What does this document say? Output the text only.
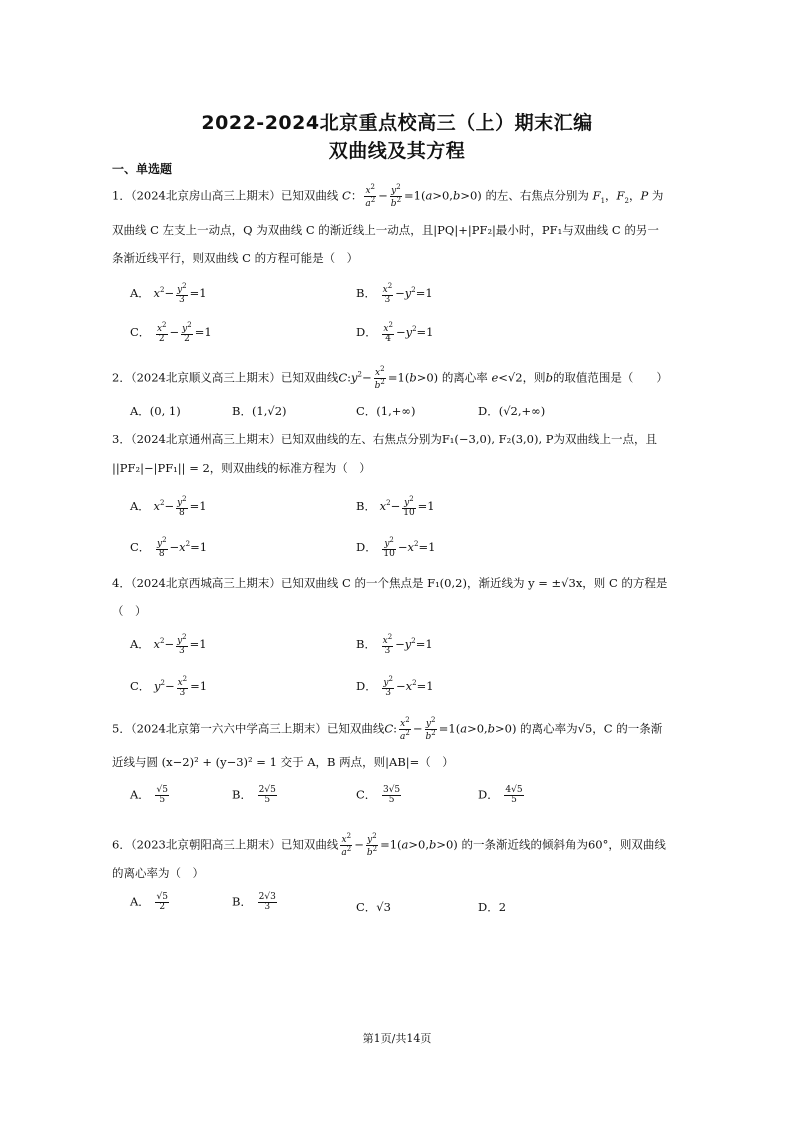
2022-2024北京重点校高三（上）期末汇编
双曲线及其方程
一、单选题
1．（2024北京房山高三上期末）已知双曲线 C： $\frac{x^2}{a^2} - \frac{y^2}{b^2} =1(a>0,b>0)$ 的左、右焦点分别为 $F_1$，$F_2$，P 为
双曲线 C 左支上一动点，Q 为双曲线 C 的渐近线上一动点，且|PQ|+|PF₂|最小时，PF₁与双曲线 C 的另一
条渐近线平行，则双曲线 C 的方程可能是（　）
A． $x^2- \frac{y^2}{3} =1$	B． $\frac{x^2}{3} -y^2=1$
C． $\frac{x^2}{2} - \frac{y^2}{2} =1$	D． $\frac{x^2}{4} -y^2=1$
2．（2024北京顺义高三上期末）已知双曲线$C:y^2- \frac{x^2}{b^2} =1(b>0)$ 的离心率 e<√2，则b的取值范围是（　　）
A．(0, 1)	B．(1,√2)	C．(1,+∞)	D．(√2,+∞)
3．（2024北京通州高三上期末）已知双曲线的左、右焦点分别为F₁(−3,0), F₂(3,0), P为双曲线上一点，且
||PF₂|−|PF₁|| = 2，则双曲线的标准方程为（　）
A． $x^2- \frac{y^2}{8} =1$	B． $x^2- \frac{y^2}{10} =1$
C． $\frac{y^2}{8} -x^2=1$	D． $\frac{y^2}{10} -x^2=1$
4．（2024北京西城高三上期末）已知双曲线 C 的一个焦点是 F₁(0,2)，渐近线为 y = ±√3x，则 C 的方程是
（　）
A． $x^2- \frac{y^2}{3} =1$	B． $\frac{x^2}{3} -y^2=1$
C． $y^2- \frac{x^2}{3} =1$	D． $\frac{y^2}{3} -x^2=1$
5．（2024北京第一六六中学高三上期末）已知双曲线C: $\frac{x^2}{a^2} - \frac{y^2}{b^2} =1(a>0,b>0)$ 的离心率为√5，C 的一条渐
近线与圆 (x−2)² + (y−3)² = 1 交于 A，B 两点，则|AB|=（　）
A． $\frac{√5}{5}$	B． $\frac{2√5}{5}$	C． $\frac{3√5}{5}$	D． $\frac{4√5}{5}$
6．（2023北京朝阳高三上期末）已知双曲线 $\frac{x^2}{a^2} - \frac{y^2}{b^2} =1(a>0,b>0)$ 的一条渐近线的倾斜角为60°，则双曲线
的离心率为（　）
A． $\frac{√5}{2}$	B． $\frac{2√3}{3}$	C．√3	D．2
第1页/共14页
